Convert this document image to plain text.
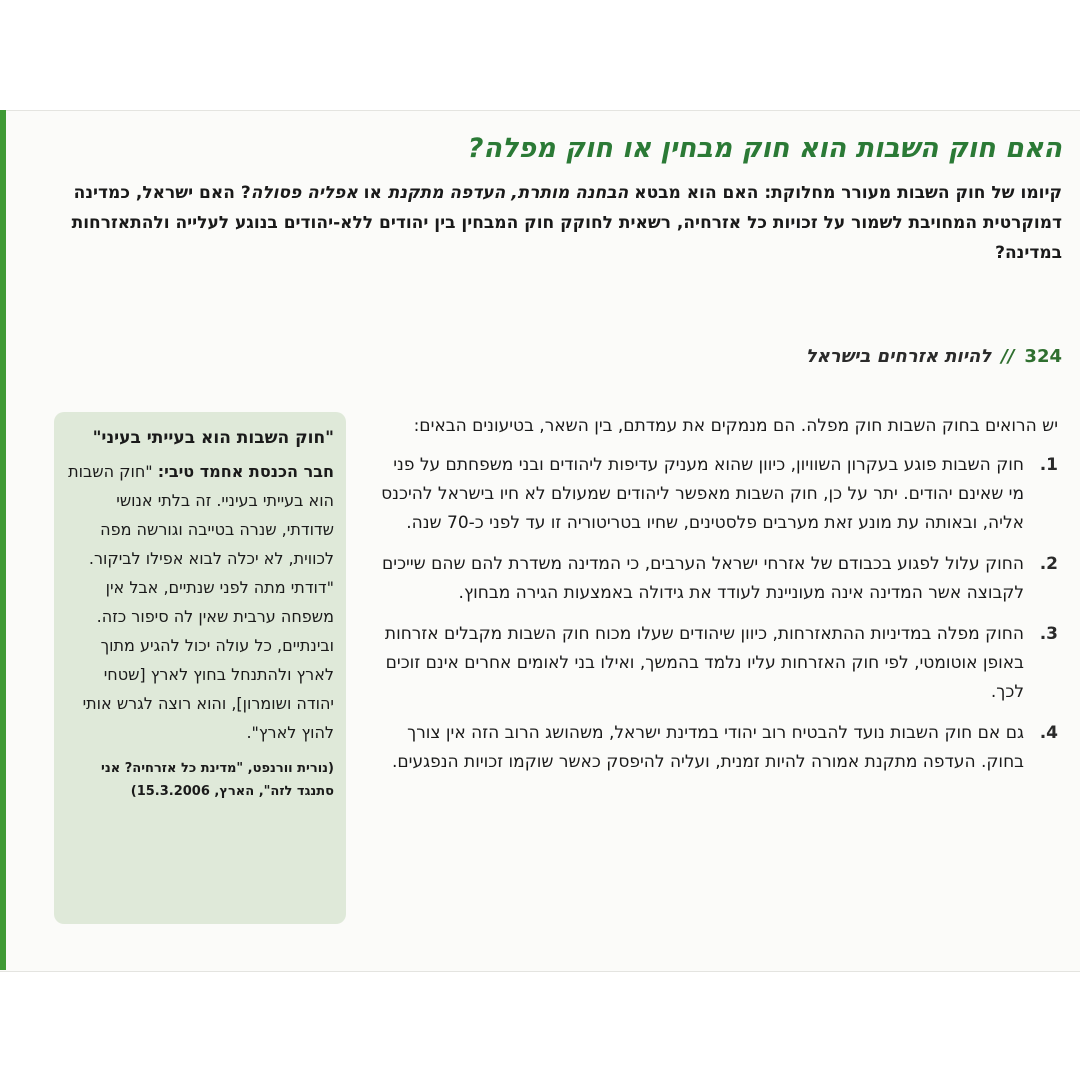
האם חוק השבות הוא חוק מבחין או חוק מפלה?

קיומו של חוק השבות מעורר מחלוקת: האם הוא מבטא הבחנה מותרת, העדפה מתקנת או אפליה פסולה? האם ישראל, כמדינה דמוקרטית המחויבת לשמור על זכויות כל אזרחיה, רשאית לחוקק חוק המבחין בין יהודים ללא-יהודים בנוגע לעלייה ולהתאזרחות במדינה?

324//להיות אזרחים בישראל

יש הרואים בחוק השבות חוק מפלה. הם מנמקים את עמדתם, בין השאר, בטיעונים הבאים:

1.
חוק השבות פוגע בעקרון השוויון, כיוון שהוא מעניק עדיפות ליהודים ובני משפחתם על פני מי שאינם יהודים. יתר על כן, חוק השבות מאפשר ליהודים שמעולם לא חיו בישראל להיכנס אליה, ובאותה עת מונע זאת מערבים פלסטינים, שחיו בטריטוריה זו עד לפני כ-70 שנה.
2.
החוק עלול לפגוע בכבודם של אזרחי ישראל הערבים, כי המדינה משדרת להם שהם שייכים לקבוצה אשר המדינה אינה מעוניינת לעודד את גידולה באמצעות הגירה מבחוץ.
3.
החוק מפלה במדיניות ההתאזרחות, כיוון שיהודים שעלו מכוח חוק השבות מקבלים אזרחות באופן אוטומטי, לפי חוק האזרחות עליו נלמד בהמשך, ואילו בני לאומים אחרים אינם זוכים לכך.
4.
גם אם חוק השבות נועד להבטיח רוב יהודי במדינת ישראל, משהושג הרוב הזה אין צורך בחוק. העדפה מתקנת אמורה להיות זמנית, ועליה להיפסק כאשר שוקמו זכויות הנפגעים.

"חוק השבות הוא בעייתי בעיני"

חבר הכנסת אחמד טיבי: "חוק השבות הוא בעייתי בעיניי. זה בלתי אנושי שדודתי, שנרה בטייבה וגורשה מפה לכווית, לא יכלה לבוא אפילו לביקור. "דודתי מתה לפני שנתיים, אבל אין משפחה ערבית שאין לה סיפור כזה. ובינתיים, כל עולה יכול להגיע מתוך לארץ ולהתנחל בחוץ לארץ [שטחי יהודה ושומרון], והוא רוצה לגרש אותי להוץ לארץ".

(נורית וורנפט, "מדינת כל אזרחיה? אני סתנגד לזה", הארץ, 15.3.2006)
